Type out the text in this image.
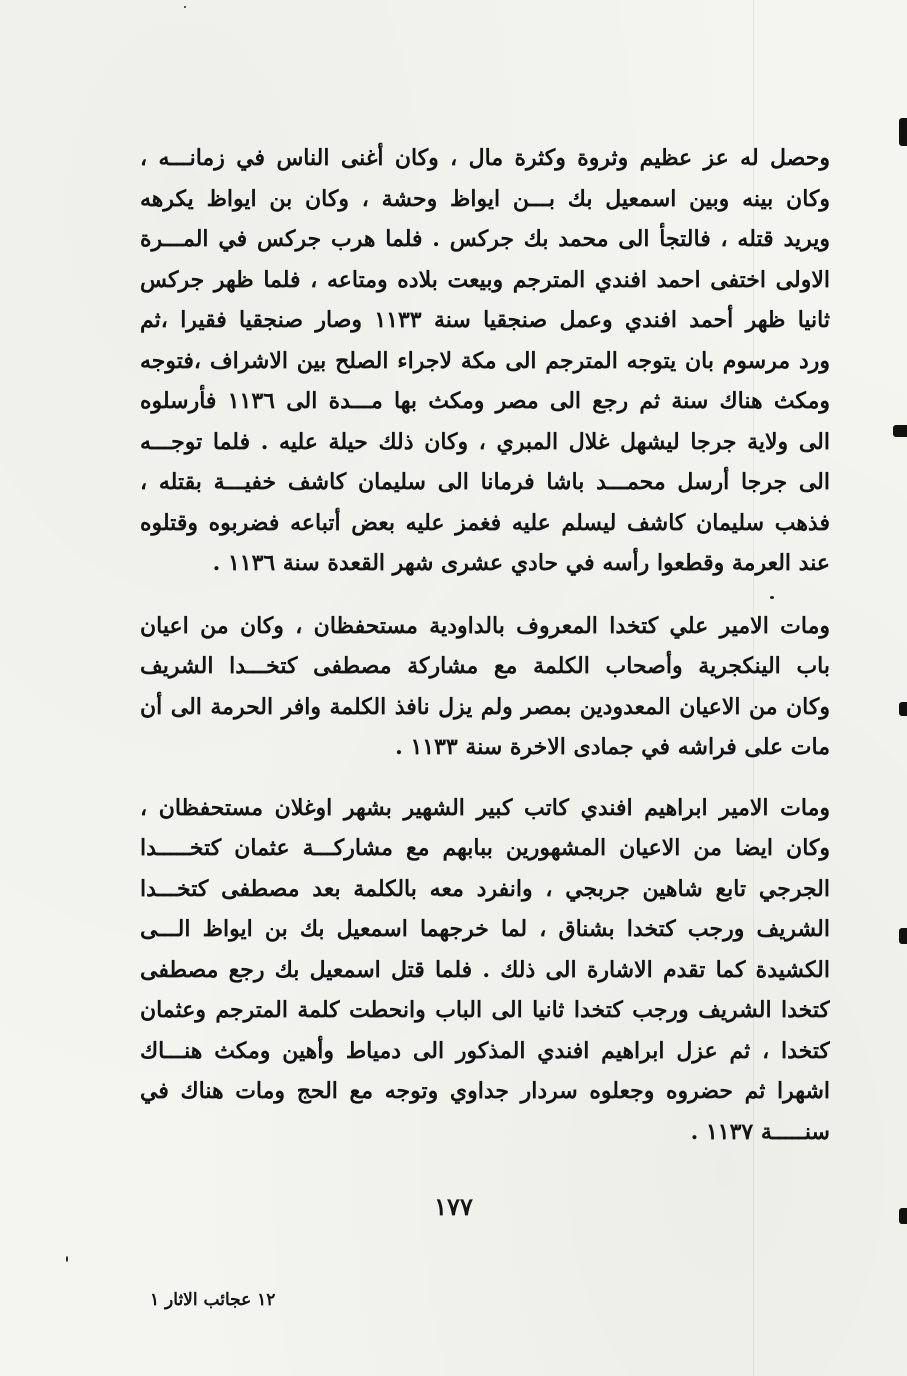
وحصل له عز عظيم وثروة وكثرة مال ، وكان أغنى الناس في زمانـــه ،
وكان بينه وبين اسمعيل بك بـــن ايواظ وحشة ، وكان بن ايواظ يكرهه
ويريد قتله ، فالتجأ الى محمد بك جركس . فلما هرب جركس في المـــرة
الاولى اختفى احمد افندي المترجم وبيعت بلاده ومتاعه ، فلما ظهر جركس
ثانيا ظهر أحمد افندي وعمل صنجقيا سنة ١١٣٣ وصار صنجقيا فقيرا ،ثم
ورد مرسوم بان يتوجه المترجم الى مكة لاجراء الصلح بين الاشراف ،فتوجه
ومكث هناك سنة ثم رجع الى مصر ومكث بها مـــدة الى ١١٣٦ فأرسلوه
الى ولاية جرجا ليشهل غلال المبري ، وكان ذلك حيلة عليه . فلما توجـــه
الى جرجا أرسل محمـــد باشا فرمانا الى سليمان كاشف خفيـــة بقتله ،
فذهب سليمان كاشف ليسلم عليه فغمز عليه بعض أتباعه فضربوه وقتلوه
عند العرمة وقطعوا رأسه في حادي عشرى شهر القعدة سنة ١١٣٦ .
ومات الامير علي كتخدا المعروف بالداودية مستحفظان ، وكان من اعيان
باب الينكجرية وأصحاب الكلمة مع مشاركة مصطفى كتخـــدا الشريف
وكان من الاعيان المعدودين بمصر ولم يزل نافذ الكلمة وافر الحرمة الى أن
مات على فراشه في جمادى الاخرة سنة ١١٣٣ .
ومات الامير ابراهيم افندي كاتب كبير الشهير بشهر اوغلان مستحفظان ،
وكان ايضا من الاعيان المشهورين ببابهم مع مشاركـــة عثمان كتخـــــدا
الجرجي تابع شاهين جربجي ، وانفرد معه بالكلمة بعد مصطفى كتخـــدا
الشريف ورجب كتخدا بشناق ، لما خرجهما اسمعيل بك بن ايواظ الـــى
الكشيدة كما تقدم الاشارة الى ذلك . فلما قتل اسمعيل بك رجع مصطفى
كتخدا الشريف ورجب كتخدا ثانيا الى الباب وانحطت كلمة المترجم وعثمان
كتخدا ، ثم عزل ابراهيم افندي المذكور الى دمياط وأهين ومكث هنـــاك
اشهرا ثم حضروه وجعلوه سردار جداوي وتوجه مع الحج ومات هناك في
سنـــــة ١١٣٧ .
١٧٧
١٢ عجائب الاثار ١
